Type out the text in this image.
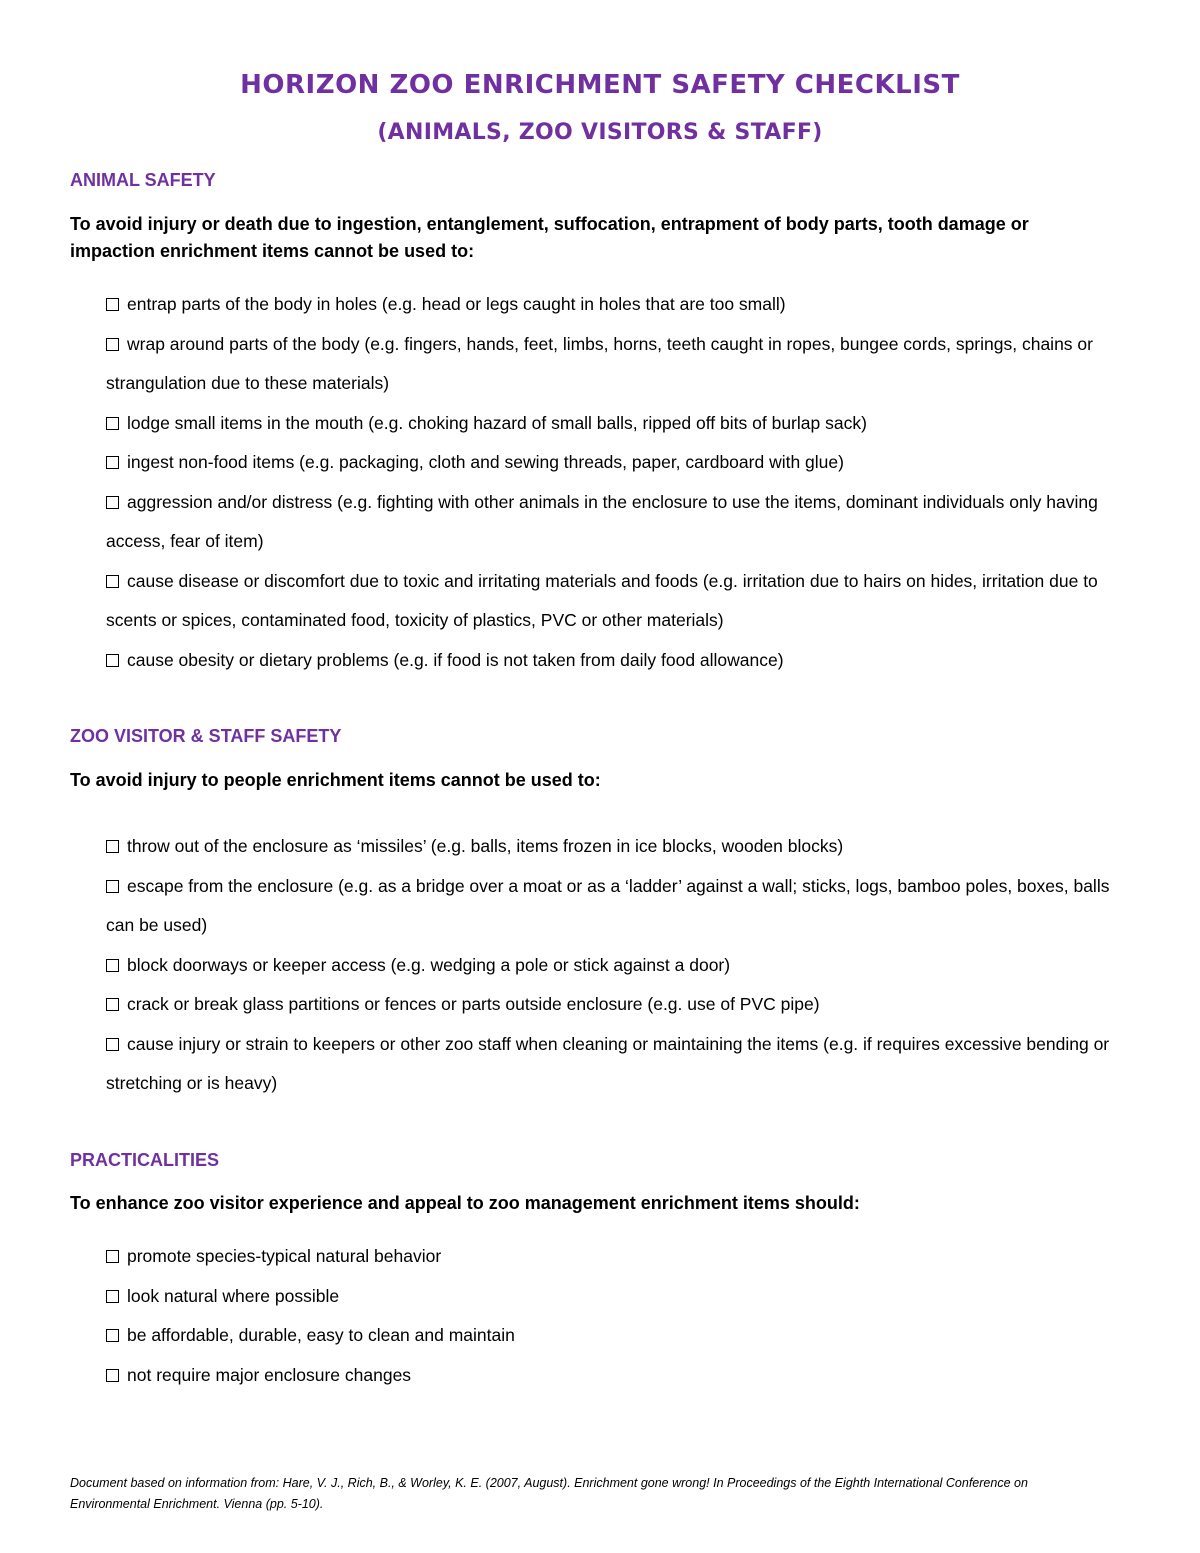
HORIZON ZOO ENRICHMENT SAFETY CHECKLIST
(ANIMALS, ZOO VISITORS & STAFF)
ANIMAL SAFETY

To avoid injury or death due to ingestion, entanglement, suffocation, entrapment of body parts, tooth damage or impaction enrichment items cannot be used to:

entrap parts of the body in holes (e.g. head or legs caught in holes that are too small)
wrap around parts of the body (e.g. fingers, hands, feet, limbs, horns, teeth caught in ropes, bungee cords, springs, chains or strangulation due to these materials)
lodge small items in the mouth (e.g. choking hazard of small balls, ripped off bits of burlap sack)
ingest non-food items (e.g. packaging, cloth and sewing threads, paper, cardboard with glue)
aggression and/or distress (e.g. fighting with other animals in the enclosure to use the items, dominant individuals only having access, fear of item)
cause disease or discomfort due to toxic and irritating materials and foods (e.g. irritation due to hairs on hides, irritation due to scents or spices, contaminated food, toxicity of plastics, PVC or other materials)
cause obesity or dietary problems (e.g. if food is not taken from daily food allowance)
ZOO VISITOR & STAFF SAFETY

To avoid injury to people enrichment items cannot be used to:

throw out of the enclosure as ‘missiles’ (e.g. balls, items frozen in ice blocks, wooden blocks)
escape from the enclosure (e.g. as a bridge over a moat or as a ‘ladder’ against a wall; sticks, logs, bamboo poles, boxes, balls can be used)
block doorways or keeper access (e.g. wedging a pole or stick against a door)
crack or break glass partitions or fences or parts outside enclosure (e.g. use of PVC pipe)
cause injury or strain to keepers or other zoo staff when cleaning or maintaining the items (e.g. if requires excessive bending or stretching or is heavy)
PRACTICALITIES

To enhance zoo visitor experience and appeal to zoo management enrichment items should:

promote species-typical natural behavior
look natural where possible
be affordable, durable, easy to clean and maintain
not require major enclosure changes

Document based on information from: Hare, V. J., Rich, B., & Worley, K. E. (2007, August). Enrichment gone wrong! In Proceedings of the Eighth International Conference on Environmental Enrichment. Vienna (pp. 5-10).
